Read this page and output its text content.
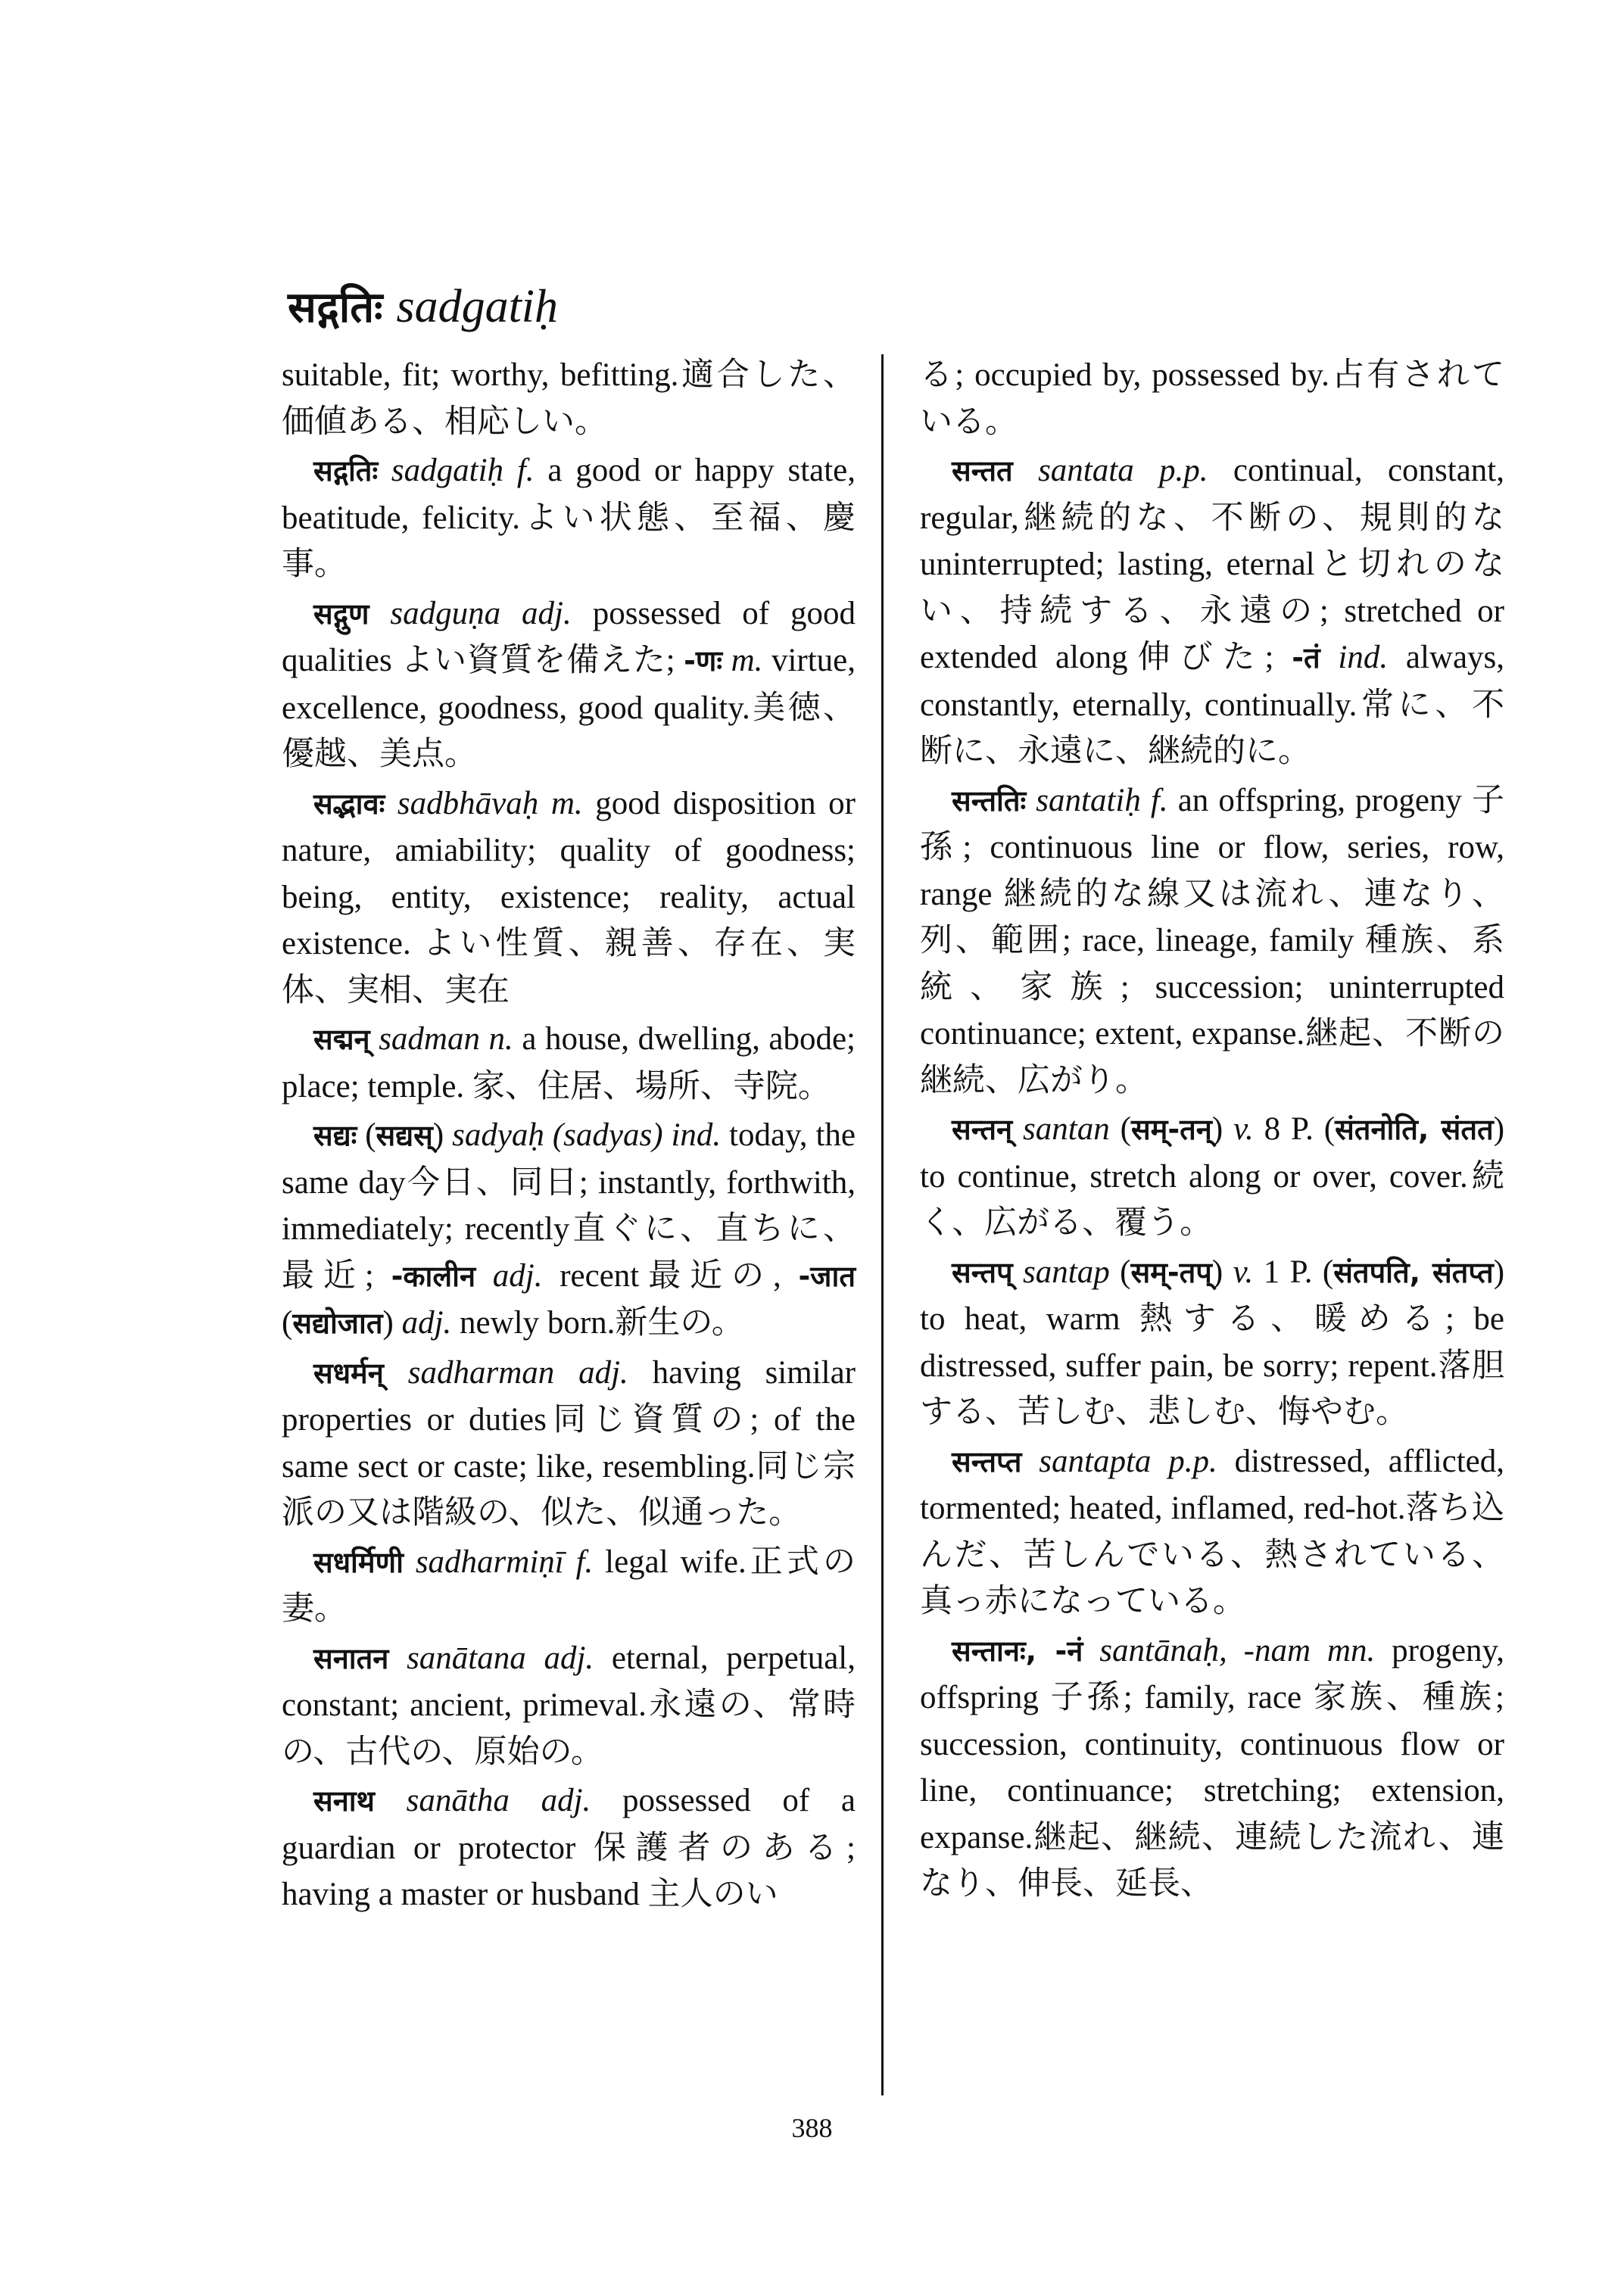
सद्गतिः sadgatiḥ

suitable, fit; worthy, befitting.適合した、価値ある、相応しい。

सद्गतिः sadgatiḥ f. a good or happy state, beatitude, felicity.よい状態、至福、慶事。

सद्गुण sadguṇa adj. possessed of good qualities よい資質を備えた; -णः m. virtue, excellence, goodness, good quality.美徳、優越、美点。

सद्भावः sadbhāvaḥ m. good disposition or nature, amiability; quality of goodness; being, entity, existence; reality, actual existence. よい性質、親善、存在、実体、実相、実在

सद्मन् sadman n. a house, dwelling, abode; place; temple. 家、住居、場所、寺院。

सद्यः (सद्यस्) sadyaḥ (sadyas) ind. today, the same day今日、同日; instantly, forthwith, immediately; recently直ぐに、直ちに、最近; -कालीन adj. recent最近の, -जात (सद्योजात) adj. newly born.新生の。

सधर्मन् sadharman adj. having similar properties or duties同じ資質の; of the same sect or caste; like, resembling.同じ宗派の又は階級の、似た、似通った。

सधर्मिणी sadharmiṇī f. legal wife.正式の妻。

सनातन sanātana adj. eternal, perpetual, constant; ancient, primeval.永遠の、常時の、古代の、原始の。

सनाथ sanātha adj. possessed of a guardian or protector 保護者のある; having a master or husband 主人のい

る; occupied by, possessed by.占有されている。

सन्तत santata p.p. continual, constant, regular,継続的な、不断の、規則的なuninterrupted; lasting, eternalと切れのない、持続する、永遠の; stretched or extended along伸びた; -तं ind. always, constantly, eternally, continually.常に、不断に、永遠に、継続的に。

सन्ततिः santatiḥ f. an offspring, progeny 子孫; continuous line or flow, series, row, range 継続的な線又は流れ、連なり、列、範囲; race, lineage, family 種族、系統、家族; succession; uninterrupted continuance; extent, expanse.継起、不断の継続、広がり。

सन्तन् santan (सम्-तन्) v. 8 P. (संतनोति, संतत) to continue, stretch along or over, cover.続く、広がる、覆う。

सन्तप् santap (सम्-तप्) v. 1 P. (संतपति, संतप्त) to heat, warm 熱する、暖める; be distressed, suffer pain, be sorry; repent.落胆する、苦しむ、悲しむ、悔やむ。

सन्तप्त santapta p.p. distressed, afflicted, tormented; heated, inflamed, red-hot.落ち込んだ、苦しんでいる、熱されている、真っ赤になっている。

सन्तानः, -नं santānaḥ, -nam mn. progeny, offspring 子孫; family, race 家族、種族; succession, continuity, continuous flow or line, continuance; stretching; extension, expanse.継起、継続、連続した流れ、連なり、伸長、延長、

388
